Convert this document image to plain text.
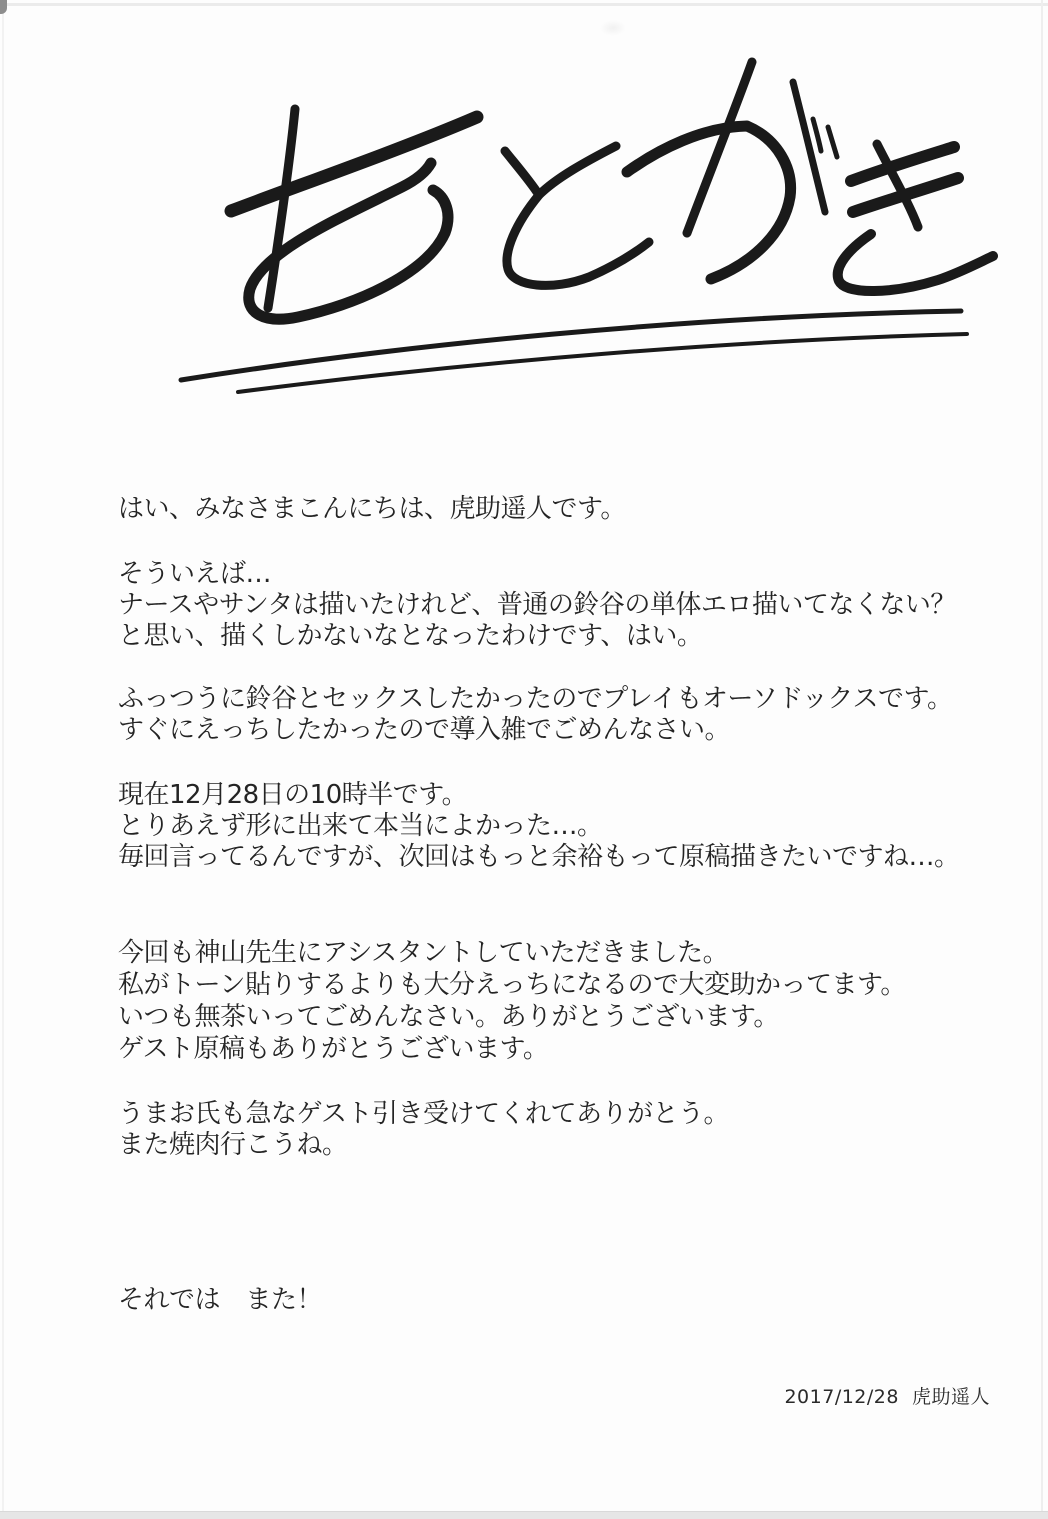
はい、みなさまこんにちは、虎助遥人です。
そういえば…
ナースやサンタは描いたけれど、普通の鈴谷の単体エロ描いてなくない？
と思い、描くしかないなとなったわけです、はい。
ふっつうに鈴谷とセックスしたかったのでプレイもオーソドックスです。
すぐにえっちしたかったので導入雑でごめんなさい。
現在12月28日の10時半です。
とりあえず形に出来て本当によかった…。
毎回言ってるんですが、次回はもっと余裕もって原稿描きたいですね…。
今回も神山先生にアシスタントしていただきました。
私がトーン貼りするよりも大分えっちになるので大変助かってます。
いつも無茶いってごめんなさい。ありがとうございます。
ゲスト原稿もありがとうございます。
うまお氏も急なゲスト引き受けてくれてありがとう。
また焼肉行こうね。
それでは　また！
2017/12/28 虎助遥人
